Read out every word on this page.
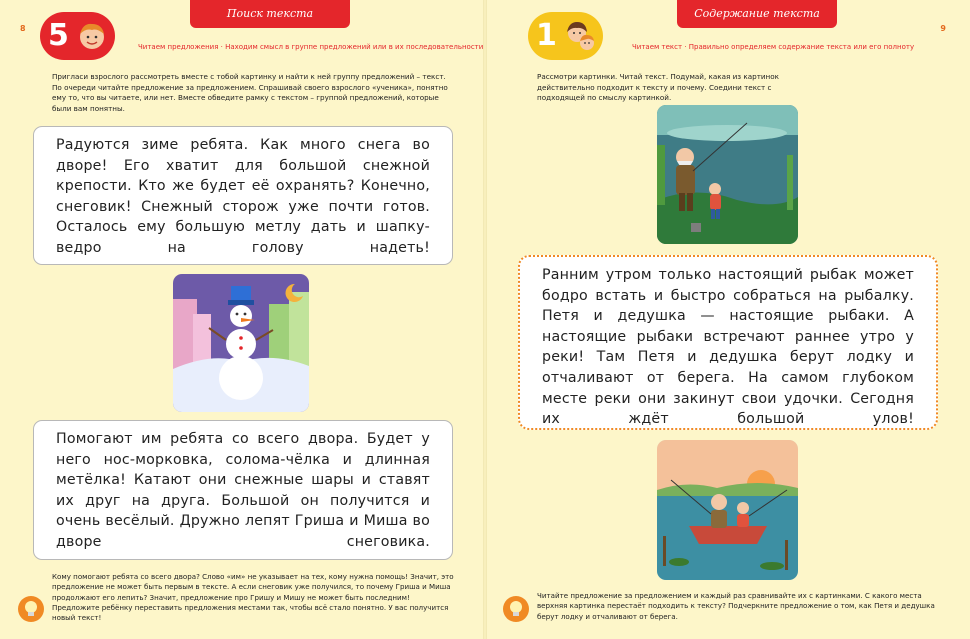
8
Поиск текста
5	Читаем предложения · Находим смысл в группе предложений или в их последовательности
Пригласи взрослого рассмотреть вместе с тобой картинку и найти к ней группу предложений – текст. По очереди читайте предложение за предложением. Спрашивай своего взрослого «ученика», понятно ему то, что вы читаете, или нет. Вместе обведите рамку с текстом – группой предложений, которые были вам понятны.
Радуются зиме ребята. Как много снега во дворе! Его хватит для большой снежной крепости. Кто же будет её охранять? Конечно, снеговик! Снежный сторож уже почти готов. Осталось ему большую метлу дать и шапку-ведро на голову надеть!
Помогают им ребята со всего двора. Будет у него нос-морковка, солома-чёлка и длинная метёлка! Катают они снежные шары и ставят их друг на друга. Большой он получится и очень весёлый. Дружно лепят Гриша и Миша во дворе снеговика.
Кому помогают ребята со всего двора? Слово «им» не указывает на тех, кому нужна помощь! Значит, это предложение не может быть первым в тексте. А если снеговик уже получился, то почему Гриша и Миша продолжают его лепить? Значит, предложение про Гришу и Мишу не может быть последним! Предложите ребёнку переставить предложения местами так, чтобы всё стало понятно. У вас получится новый текст!
9
Содержание текста
1	Читаем текст · Правильно определяем содержание текста или его полноту
Рассмотри картинки. Читай текст. Подумай, какая из картинок действительно подходит к тексту и почему. Соедини текст с подходящей по смыслу картинкой.
Ранним утром только настоящий рыбак может бодро встать и быстро собраться на рыбалку. Петя и дедушка — настоящие рыбаки. А настоящие рыбаки встречают раннее утро у реки! Там Петя и дедушка берут лодку и отчаливают от берега. На самом глубоком месте реки они закинут свои удочки. Сегодня их ждёт большой улов!
Читайте предложение за предложением и каждый раз сравнивайте их с картинками. С какого места верхняя картинка перестаёт подходить к тексту? Подчеркните предложение о том, как Петя и дедушка берут лодку и отчаливают от берега.
